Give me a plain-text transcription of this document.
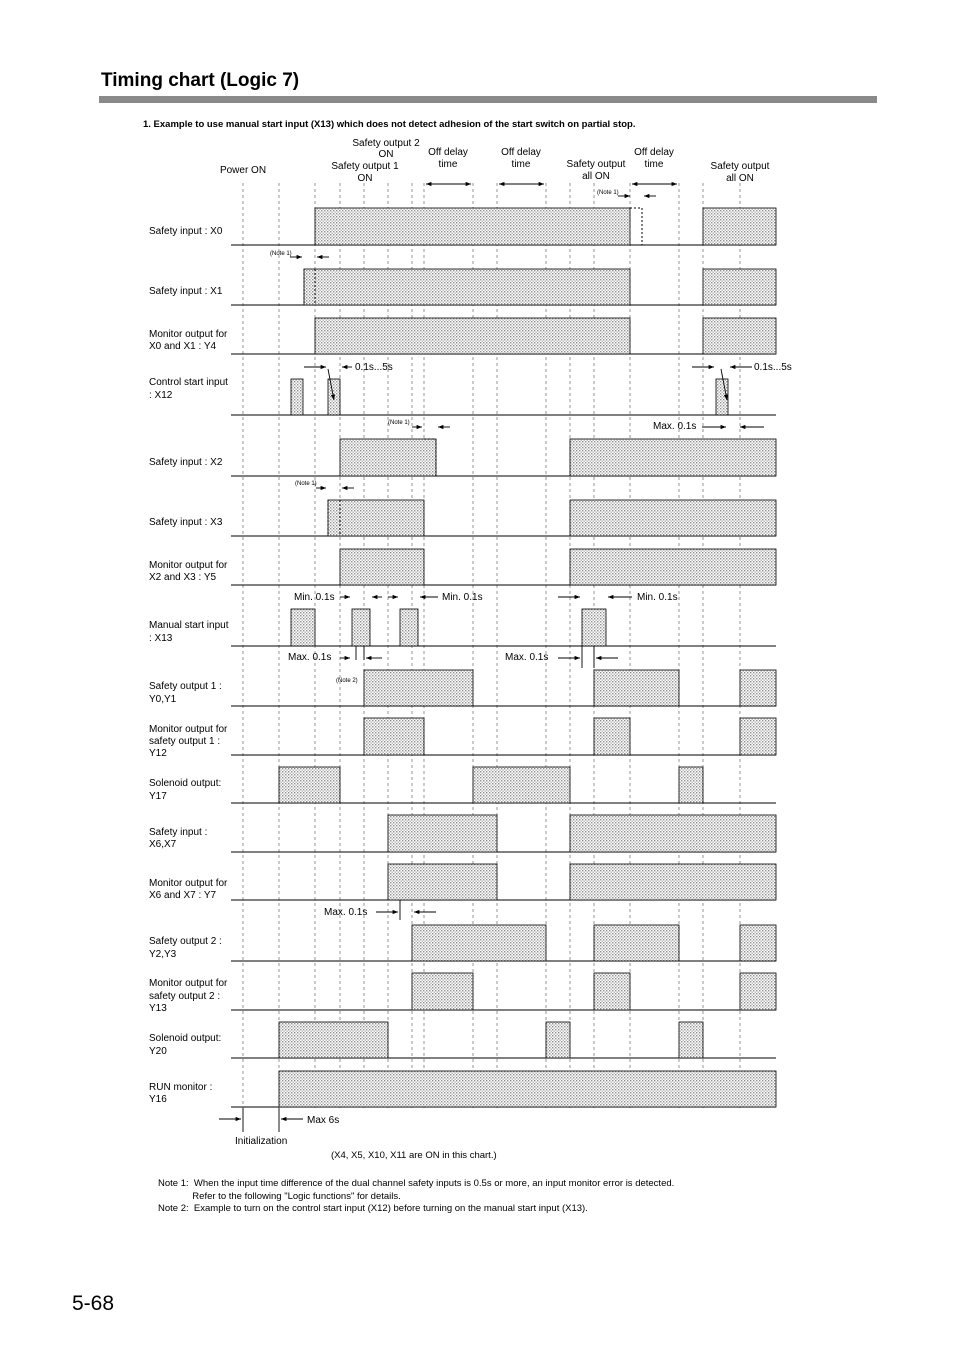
Timing chart (Logic 7)
1. Example to use manual start input (X13) which does not detect adhesion of the start switch on partial stop.
Power ON
Safety output 2
ON
Safety output 1
ON
Off delay
time
Off delay
time	Safety output
all ON
Off delay
time	Safety output
all ON
Safety input : X0
Safety input : X1
Monitor output for
X0 and X1 : Y4
Control start input
: X12
Safety input : X2
Safety input : X3
Monitor output for
X2 and X3 : Y5
Manual start input
: X13
Safety output 1 :
Y0,Y1
Monitor output for
safety output 1 :
Y12
Solenoid output:
Y17
Safety input :
X6,X7
Monitor output for
X6 and X7 : Y7
Safety output 2 :
Y2,Y3
Monitor output for
safety output 2 :
Y13
Solenoid output:
Y20
RUN monitor :
Y16
(Note 1)
(Note 1)
(Note 1)
(Note 1)
(Note 2)
0.1s...5s	0.1s...5s
Max. 0.1s
Min. 0.1s	Min. 0.1s	Min. 0.1s
Max. 0.1s	Max. 0.1s
Max. 0.1s
Max 6s
Initialization
(X4, X5, X10, X11 are ON in this chart.)
Note 1:  When the input time difference of the dual channel safety inputs is 0.5s or more, an input monitor error is detected.
Refer to the following "Logic functions" for details.
Note 2:  Example to turn on the control start input (X12) before turning on the manual start input (X13).
5-68
